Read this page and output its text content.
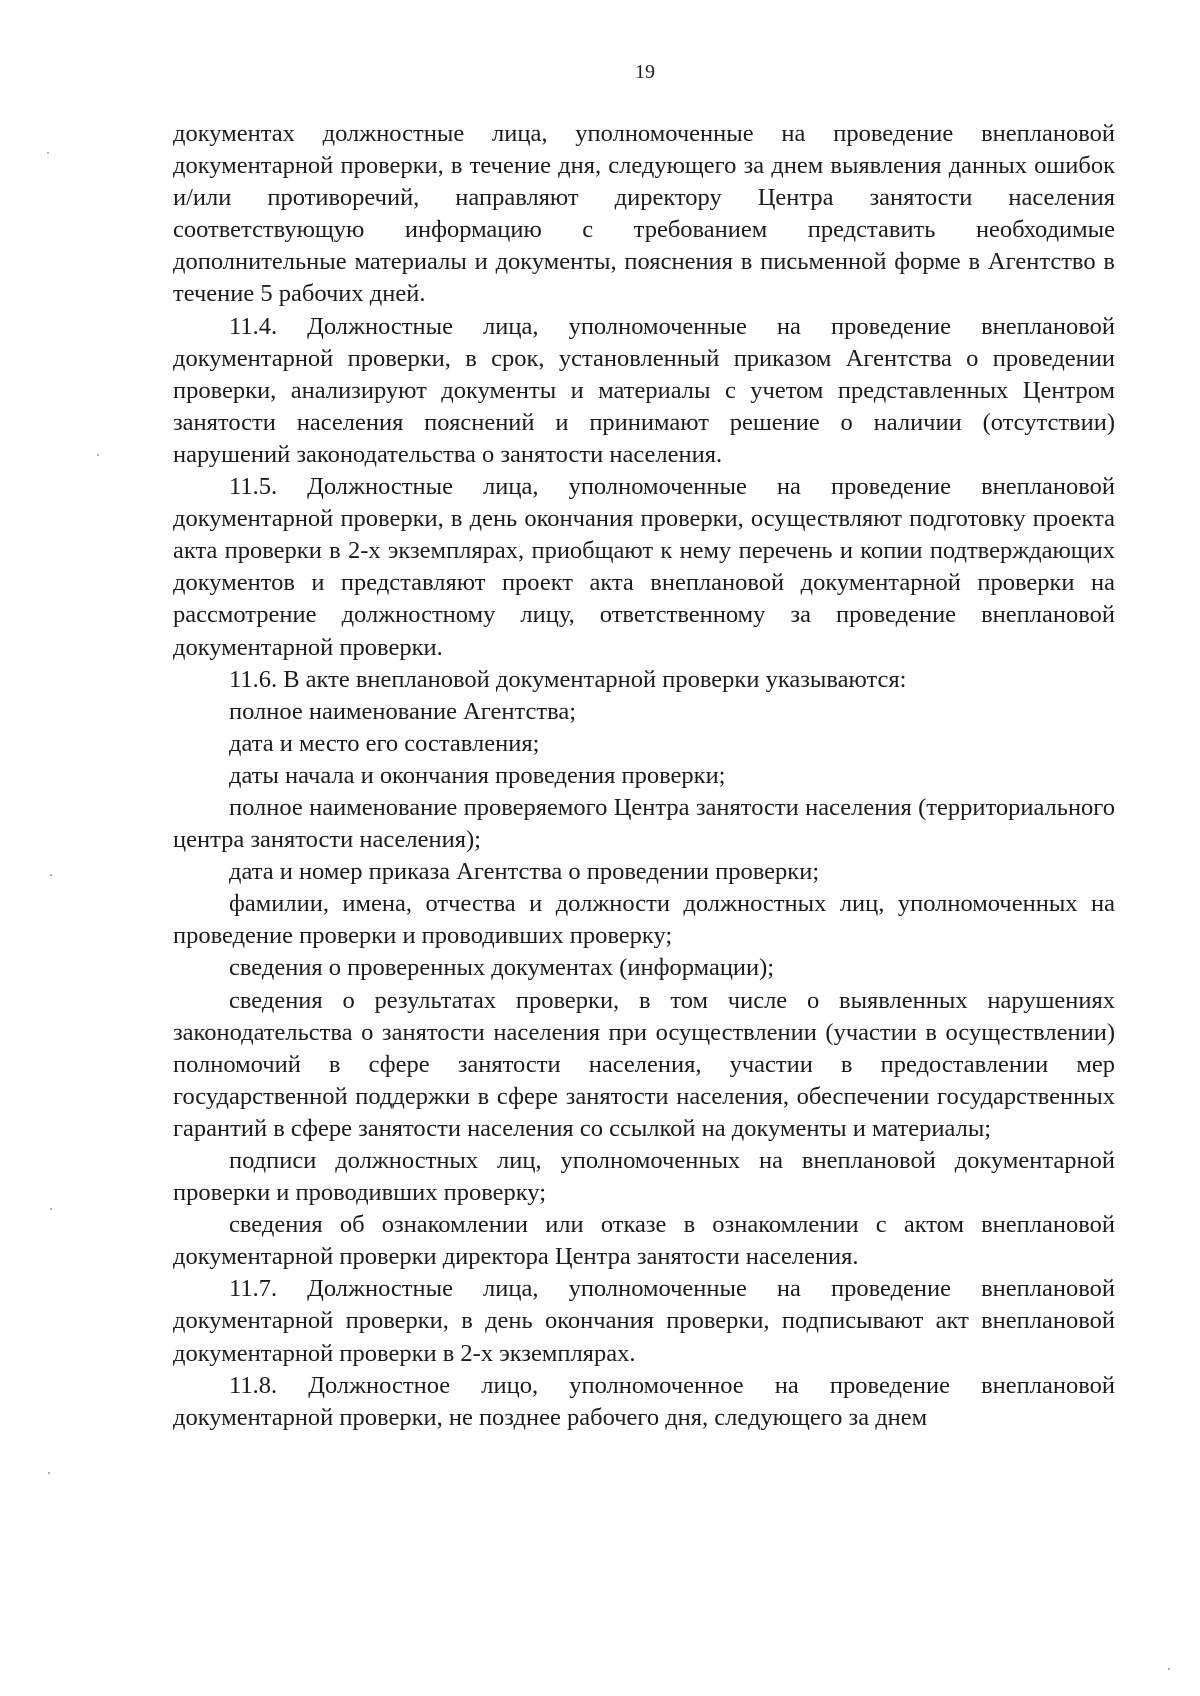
19

документах должностные лица, уполномоченные на проведение внеплановой документарной проверки, в течение дня, следующего за днем выявления данных ошибок и/или противоречий, направляют директору Центра занятости населения соответствующую информацию с требованием представить необходимые дополнительные материалы и документы, пояснения в письменной форме в Агентство в течение 5 рабочих дней.

11.4. Должностные лица, уполномоченные на проведение внеплановой документарной проверки, в срок, установленный приказом Агентства о проведении проверки, анализируют документы и материалы с учетом представленных Центром занятости населения пояснений и принимают решение о наличии (отсутствии) нарушений законодательства о занятости населения.

11.5. Должностные лица, уполномоченные на проведение внеплановой документарной проверки, в день окончания проверки, осуществляют подготовку проекта акта проверки в 2-х экземплярах, приобщают к нему перечень и копии подтверждающих документов и представляют проект акта внеплановой документарной проверки на рассмотрение должностному лицу, ответственному за проведение внеплановой документарной проверки.

11.6. В акте внеплановой документарной проверки указываются:

полное наименование Агентства;

дата и место его составления;

даты начала и окончания проведения проверки;

полное наименование проверяемого Центра занятости населения (территориального центра занятости населения);

дата и номер приказа Агентства о проведении проверки;

фамилии, имена, отчества и должности должностных лиц, уполномоченных на проведение проверки и проводивших проверку;

сведения о проверенных документах (информации);

сведения о результатах проверки, в том числе о выявленных нарушениях законодательства о занятости населения при осуществлении (участии в осуществлении) полномочий в сфере занятости населения, участии в предоставлении мер государственной поддержки в сфере занятости населения, обеспечении государственных гарантий в сфере занятости населения со ссылкой на документы и материалы;

подписи должностных лиц, уполномоченных на внеплановой документарной проверки и проводивших проверку;

сведения об ознакомлении или отказе в ознакомлении с актом внеплановой документарной проверки директора Центра занятости населения.

11.7. Должностные лица, уполномоченные на проведение внеплановой документарной проверки, в день окончания проверки, подписывают акт внеплановой документарной проверки в 2-х экземплярах.

11.8. Должностное лицо, уполномоченное на проведение внеплановой документарной проверки, не позднее рабочего дня, следующего за днем
